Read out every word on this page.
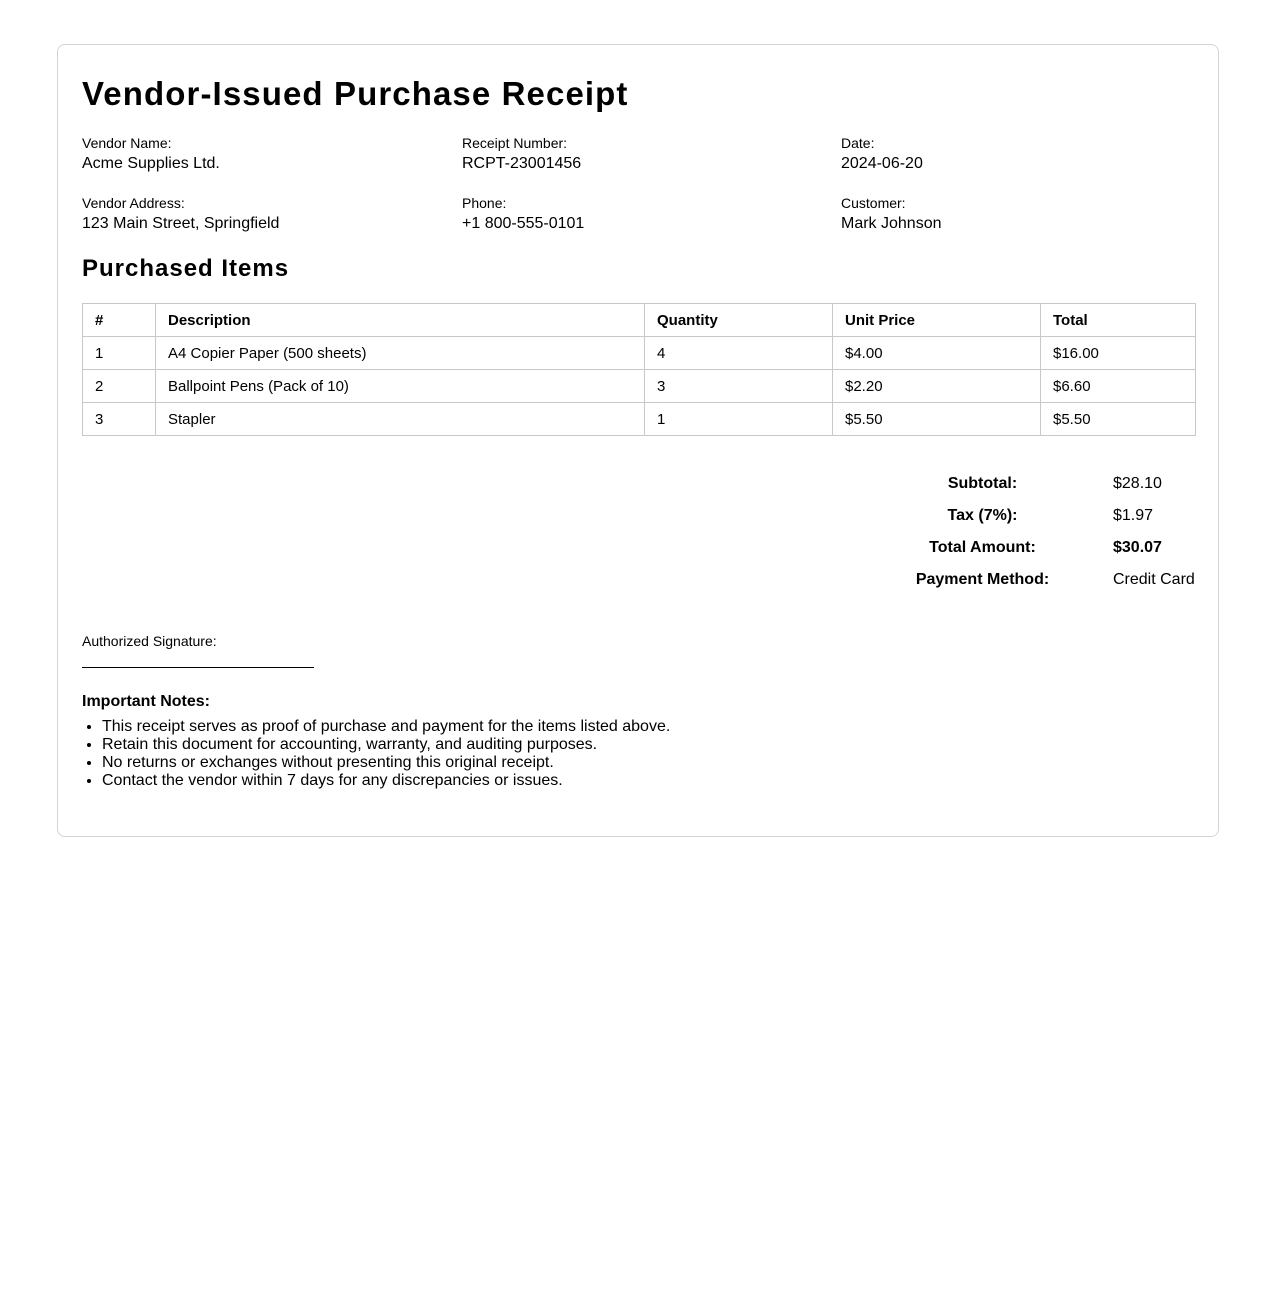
Vendor-Issued Purchase Receipt
Vendor Name:
Acme Supplies Ltd.
Receipt Number:
RCPT-23001456
Date:
2024-06-20
Vendor Address:
123 Main Street, Springfield
Phone:
+1 800-555-0101
Customer:
Mark Johnson
Purchased Items
#	Description	Quantity	Unit Price	Total
1	A4 Copier Paper (500 sheets)	4	$4.00	$16.00
2	Ballpoint Pens (Pack of 10)	3	$2.20	$6.60
3	Stapler	1	$5.50	$5.50
Subtotal:	$28.10
Tax (7%):	$1.97
Total Amount:	$30.07
Payment Method:	Credit Card
Authorized Signature:
Important Notes:
• This receipt serves as proof of purchase and payment for the items listed above.
• Retain this document for accounting, warranty, and auditing purposes.
• No returns or exchanges without presenting this original receipt.
• Contact the vendor within 7 days for any discrepancies or issues.
